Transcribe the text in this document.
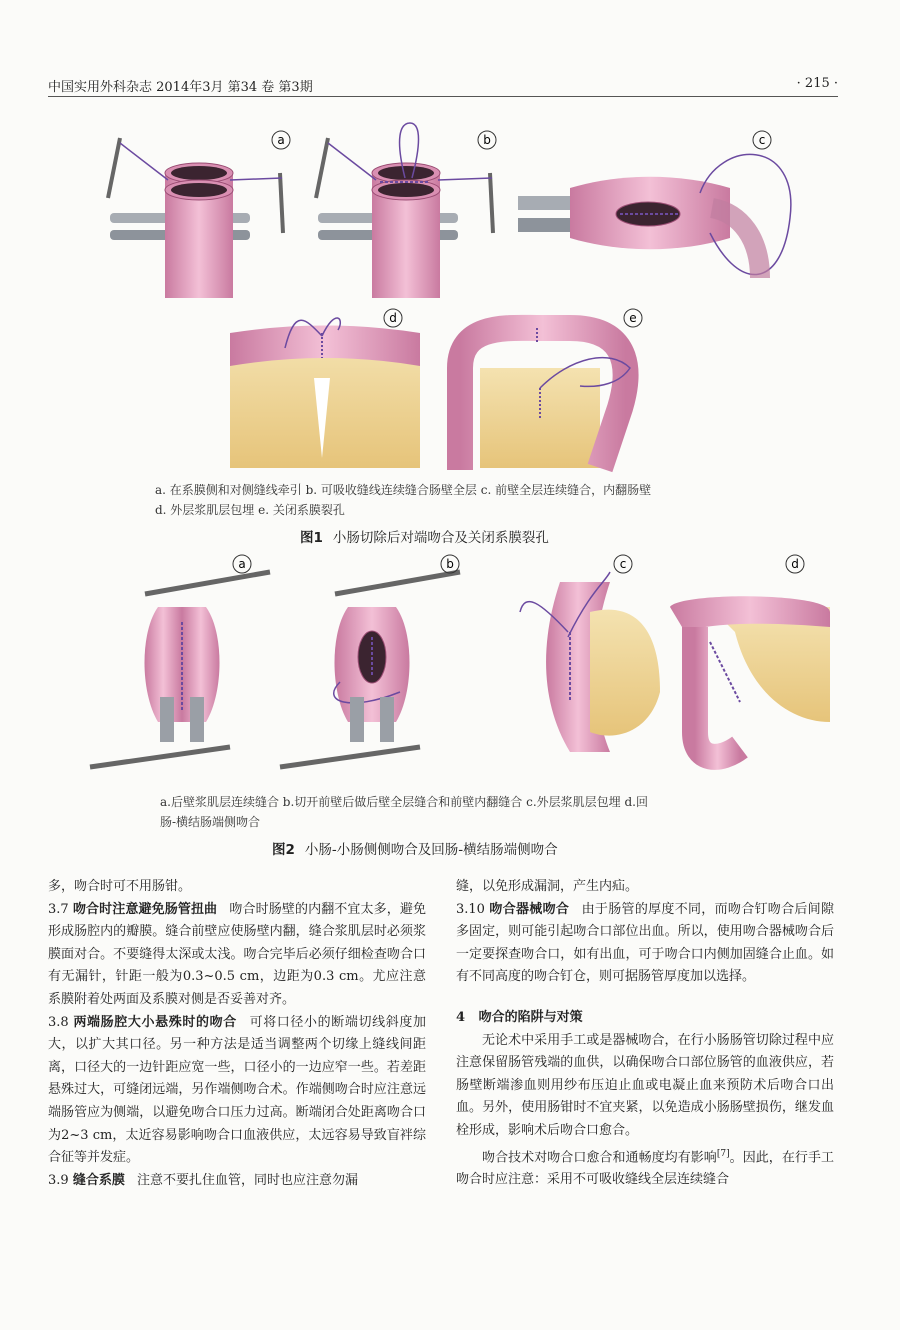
中国实用外科杂志 2014年3月 第34 卷 第3期	· 215 ·
a	b	c
d	e
a. 在系膜侧和对侧缝线牵引 b. 可吸收缝线连续缝合肠壁全层 c. 前壁全层连续缝合，内翻肠壁
d. 外层浆肌层包埋 e. 关闭系膜裂孔
图1 小肠切除后对端吻合及关闭系膜裂孔
a	b	c	d
a.后壁浆肌层连续缝合 b.切开前壁后做后壁全层缝合和前壁内翻缝合 c.外层浆肌层包埋 d.回
肠-横结肠端侧吻合
图2 小肠-小肠侧侧吻合及回肠-横结肠端侧吻合

多，吻合时可不用肠钳。

3.7 吻合时注意避免肠管扭曲 吻合时肠壁的内翻不宜太多，避免形成肠腔内的瓣膜。缝合前壁应使肠壁内翻，缝合浆肌层时必须浆膜面对合。不要缝得太深或太浅。吻合完毕后必须仔细检查吻合口有无漏针，针距一般为0.3~0.5 cm，边距为0.3 cm。尤应注意系膜附着处两面及系膜对侧是否妥善对齐。

3.8 两端肠腔大小悬殊时的吻合 可将口径小的断端切线斜度加大，以扩大其口径。另一种方法是适当调整两个切缘上缝线间距离，口径大的一边针距应宽一些，口径小的一边应窄一些。若差距悬殊过大，可缝闭远端，另作端侧吻合术。作端侧吻合时应注意远端肠管应为侧端，以避免吻合口压力过高。断端闭合处距离吻合口为2~3 cm，太近容易影响吻合口血液供应，太远容易导致盲袢综合征等并发症。

3.9 缝合系膜 注意不要扎住血管，同时也应注意勿漏

缝，以免形成漏洞，产生内疝。

3.10 吻合器械吻合 由于肠管的厚度不同，而吻合钉吻合后间隙多固定，则可能引起吻合口部位出血。所以，使用吻合器械吻合后一定要探查吻合口，如有出血，可于吻合口内侧加固缝合止血。如有不同高度的吻合钉仓，则可据肠管厚度加以选择。

4 吻合的陷阱与对策

无论术中采用手工或是器械吻合，在行小肠肠管切除过程中应注意保留肠管残端的血供，以确保吻合口部位肠管的血液供应，若肠壁断端渗血则用纱布压迫止血或电凝止血来预防术后吻合口出血。另外，使用肠钳时不宜夹紧，以免造成小肠肠壁损伤，继发血栓形成，影响术后吻合口愈合。

吻合技术对吻合口愈合和通畅度均有影响[7]。因此，在行手工吻合时应注意：采用不可吸收缝线全层连续缝合
